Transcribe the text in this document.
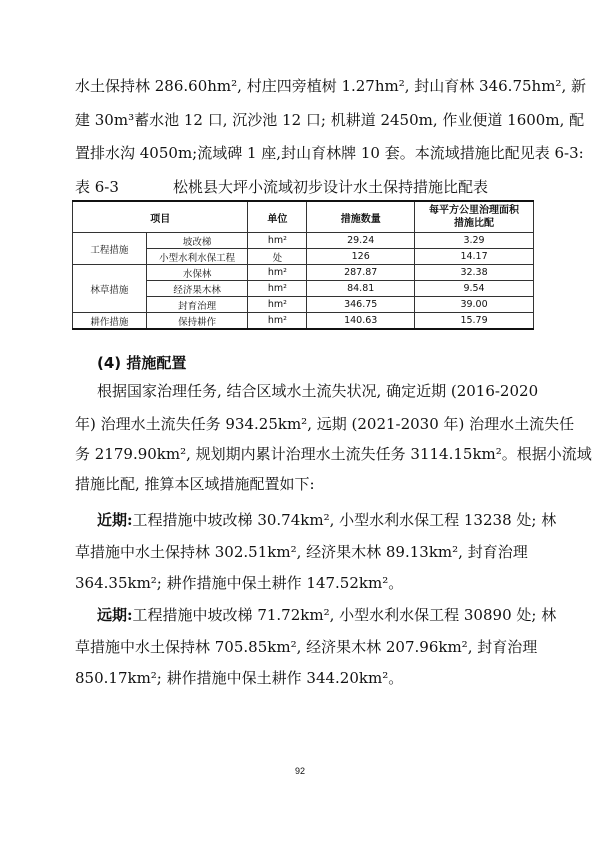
水土保持林 286.60hm², 村庄四旁植树 1.27hm², 封山育林 346.75hm², 新
建 30m³蓄水池 12 口, 沉沙池 12 口; 机耕道 2450m, 作业便道 1600m, 配
置排水沟 4050m;流域碑 1 座,封山育林牌 10 套。本流域措施比配见表 6-3:
表 6-3	松桃县大坪小流域初步设计水土保持措施比配表
项目		单位	措施数量	每平方公里治理面积措施比配
工程措施	坡改梯	hm²	29.24	3.29
	小型水利水保工程	处	126	14.17
林草措施	水保林	hm²	287.87	32.38
	经济果木林	hm²	84.81	9.54
	封育治理	hm²	346.75	39.00
耕作措施	保持耕作	hm²	140.63	15.79
(4) 措施配置
根据国家治理任务, 结合区域水土流失状况, 确定近期 (2016-2020
年) 治理水土流失任务 934.25km², 远期 (2021-2030 年) 治理水土流失任
务 2179.90km², 规划期内累计治理水土流失任务 3114.15km²。根据小流域
措施比配, 推算本区域措施配置如下:
近期:工程措施中坡改梯 30.74km², 小型水利水保工程 13238 处; 林
草措施中水土保持林 302.51km², 经济果木林 89.13km², 封育治理
364.35km²; 耕作措施中保土耕作 147.52km²。
远期:工程措施中坡改梯 71.72km², 小型水利水保工程 30890 处; 林
草措施中水土保持林 705.85km², 经济果木林 207.96km², 封育治理
850.17km²; 耕作措施中保土耕作 344.20km²。
92
